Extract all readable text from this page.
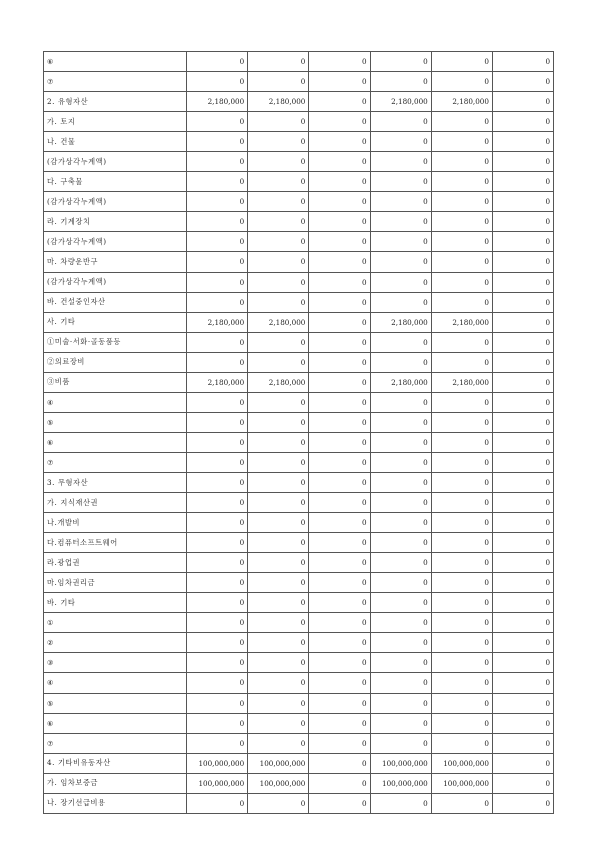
⑥	0	0	0	0	0	0
⑦	0	0	0	0	0	0
2. 유형자산	2,180,000	2,180,000	0	2,180,000	2,180,000	0
가. 토지	0	0	0	0	0	0
나. 건물	0	0	0	0	0	0
(감가상각누계액)	0	0	0	0	0	0
다. 구축물	0	0	0	0	0	0
(감가상각누계액)	0	0	0	0	0	0
라. 기계장치	0	0	0	0	0	0
(감가상각누계액)	0	0	0	0	0	0
마. 차량운반구	0	0	0	0	0	0
(감가상각누계액)	0	0	0	0	0	0
바. 건설중인자산	0	0	0	0	0	0
사. 기타	2,180,000	2,180,000	0	2,180,000	2,180,000	0
①미술·서화·골동품등	0	0	0	0	0	0
②의료장비	0	0	0	0	0	0
③비품	2,180,000	2,180,000	0	2,180,000	2,180,000	0
④	0	0	0	0	0	0
⑤	0	0	0	0	0	0
⑥	0	0	0	0	0	0
⑦	0	0	0	0	0	0
3. 무형자산	0	0	0	0	0	0
가. 지식재산권	0	0	0	0	0	0
나.개발비	0	0	0	0	0	0
다.컴퓨터소프트웨어	0	0	0	0	0	0
라.광업권	0	0	0	0	0	0
마.임차권리금	0	0	0	0	0	0
바. 기타	0	0	0	0	0	0
①	0	0	0	0	0	0
②	0	0	0	0	0	0
③	0	0	0	0	0	0
④	0	0	0	0	0	0
⑤	0	0	0	0	0	0
⑥	0	0	0	0	0	0
⑦	0	0	0	0	0	0
4. 기타비유동자산	100,000,000	100,000,000	0	100,000,000	100,000,000	0
가. 임차보증금	100,000,000	100,000,000	0	100,000,000	100,000,000	0
나. 장기선급비용	0	0	0	0	0	0
